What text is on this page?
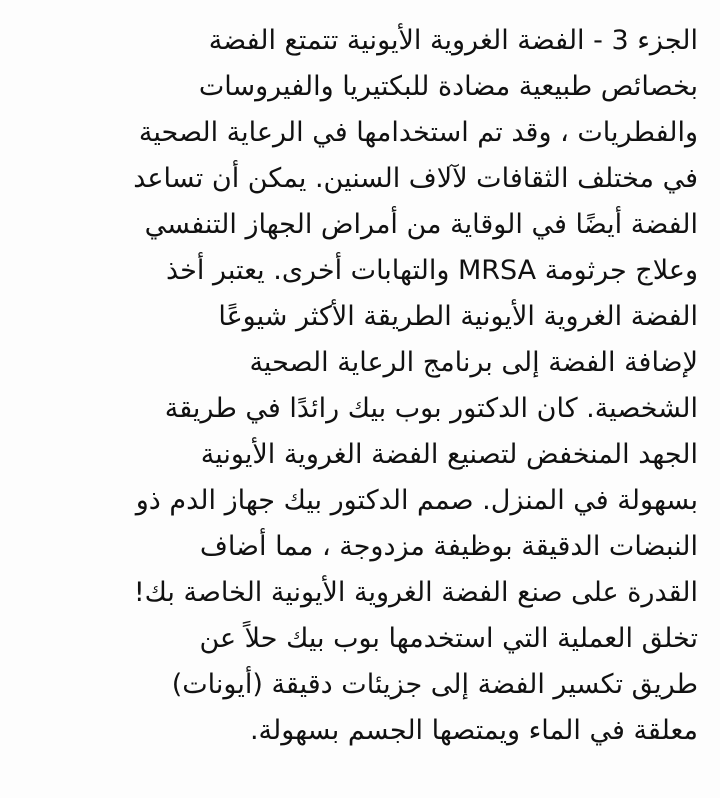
الجزء 3 - الفضة الغروية الأيونية تتمتع الفضة

بخصائص طبيعية مضادة للبكتيريا والفيروسات

والفطريات ، وقد تم استخدامها في الرعاية الصحية

في مختلف الثقافات لآلاف السنين. يمكن أن تساعد

الفضة أيضًا في الوقاية من أمراض الجهاز التنفسي

وعلاج جرثومة MRSA والتهابات أخرى. يعتبر أخذ

الفضة الغروية الأيونية الطريقة الأكثر شيوعًا

لإضافة الفضة إلى برنامج الرعاية الصحية

الشخصية. كان الدكتور بوب بيك رائدًا في طريقة

الجهد المنخفض لتصنيع الفضة الغروية الأيونية

بسهولة في المنزل. صمم الدكتور بيك جهاز الدم ذو

النبضات الدقيقة بوظيفة مزدوجة ، مما أضاف

القدرة على صنع الفضة الغروية الأيونية الخاصة بك!

تخلق العملية التي استخدمها بوب بيك حلاً عن

طريق تكسير الفضة إلى جزيئات دقيقة (أيونات)

معلقة في الماء ويمتصها الجسم بسهولة.
